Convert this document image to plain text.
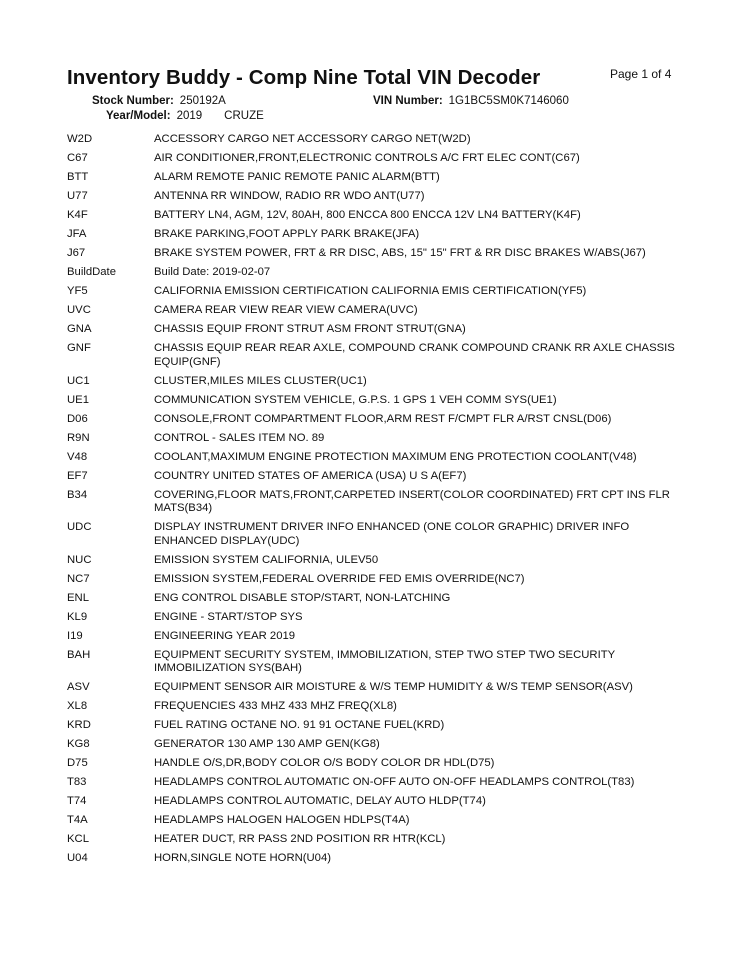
Inventory Buddy - Comp Nine Total VIN Decoder	Page 1 of 4
Stock Number: 250192A	VIN Number: 1G1BC5SM0K7146060
Year/Model: 2019 CRUZE
W2D	ACCESSORY CARGO NET ACCESSORY CARGO NET(W2D)
C67	AIR CONDITIONER,FRONT,ELECTRONIC CONTROLS A/C FRT ELEC CONT(C67)
BTT	ALARM REMOTE PANIC REMOTE PANIC ALARM(BTT)
U77	ANTENNA RR WINDOW, RADIO RR WDO ANT(U77)
K4F	BATTERY LN4, AGM, 12V, 80AH, 800 ENCCA 800 ENCCA 12V LN4 BATTERY(K4F)
JFA	BRAKE PARKING,FOOT APPLY PARK BRAKE(JFA)
J67	BRAKE SYSTEM POWER, FRT & RR DISC, ABS, 15" 15" FRT & RR DISC BRAKES W/ABS(J67)
BuildDate	Build Date: 2019-02-07
YF5	CALIFORNIA EMISSION CERTIFICATION CALIFORNIA EMIS CERTIFICATION(YF5)
UVC	CAMERA REAR VIEW REAR VIEW CAMERA(UVC)
GNA	CHASSIS EQUIP FRONT STRUT ASM FRONT STRUT(GNA)
GNF	CHASSIS EQUIP REAR REAR AXLE, COMPOUND CRANK COMPOUND CRANK RR AXLE CHASSIS EQUIP(GNF)
UC1	CLUSTER,MILES MILES CLUSTER(UC1)
UE1	COMMUNICATION SYSTEM VEHICLE, G.P.S. 1 GPS 1 VEH COMM SYS(UE1)
D06	CONSOLE,FRONT COMPARTMENT FLOOR,ARM REST F/CMPT FLR A/RST CNSL(D06)
R9N	CONTROL - SALES ITEM NO. 89
V48	COOLANT,MAXIMUM ENGINE PROTECTION MAXIMUM ENG PROTECTION COOLANT(V48)
EF7	COUNTRY UNITED STATES OF AMERICA (USA) U S A(EF7)
B34	COVERING,FLOOR MATS,FRONT,CARPETED INSERT(COLOR COORDINATED) FRT CPT INS FLR MATS(B34)
UDC	DISPLAY INSTRUMENT DRIVER INFO ENHANCED (ONE COLOR GRAPHIC) DRIVER INFO ENHANCED DISPLAY(UDC)
NUC	EMISSION SYSTEM CALIFORNIA, ULEV50
NC7	EMISSION SYSTEM,FEDERAL OVERRIDE FED EMIS OVERRIDE(NC7)
ENL	ENG CONTROL DISABLE STOP/START, NON-LATCHING
KL9	ENGINE - START/STOP SYS
I19	ENGINEERING YEAR 2019
BAH	EQUIPMENT SECURITY SYSTEM, IMMOBILIZATION, STEP TWO STEP TWO SECURITY IMMOBILIZATION SYS(BAH)
ASV	EQUIPMENT SENSOR AIR MOISTURE & W/S TEMP HUMIDITY & W/S TEMP SENSOR(ASV)
XL8	FREQUENCIES 433 MHZ 433 MHZ FREQ(XL8)
KRD	FUEL RATING OCTANE NO. 91 91 OCTANE FUEL(KRD)
KG8	GENERATOR 130 AMP 130 AMP GEN(KG8)
D75	HANDLE O/S,DR,BODY COLOR O/S BODY COLOR DR HDL(D75)
T83	HEADLAMPS CONTROL AUTOMATIC ON-OFF AUTO ON-OFF HEADLAMPS CONTROL(T83)
T74	HEADLAMPS CONTROL AUTOMATIC, DELAY AUTO HLDP(T74)
T4A	HEADLAMPS HALOGEN HALOGEN HDLPS(T4A)
KCL	HEATER DUCT, RR PASS 2ND POSITION RR HTR(KCL)
U04	HORN,SINGLE NOTE HORN(U04)
